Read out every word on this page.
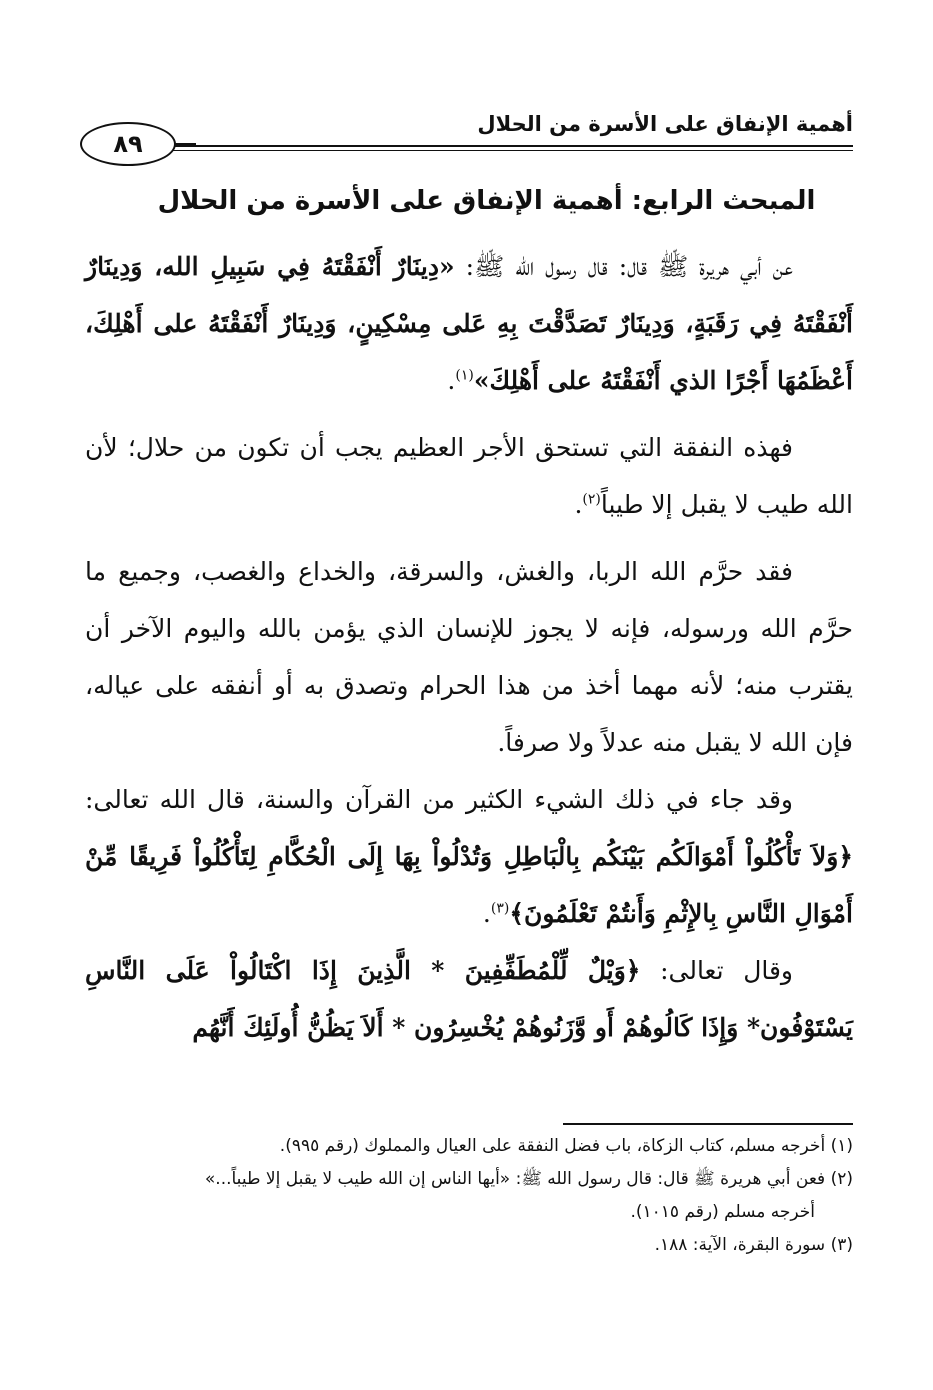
أهمية الإنفاق على الأسرة من الحلال
٨٩
المبحث الرابع: أهمية الإنفاق على الأسرة من الحلال

عن أبي هريرة ﷺ قال: قال رسول الله ﷺ: «دِينَارٌ أَنْفَقْتَهُ فِي سَبِيلِ الله، وَدِينَارٌ أَنْفَقْتَهُ فِي رَقَبَةٍ، وَدِينَارٌ تَصَدَّقْتَ بِهِ عَلى مِسْكِينٍ، وَدِينَارٌ أَنْفَقْتَهُ على أَهْلِكَ، أَعْظَمُهَا أَجْرًا الذي أَنْفَقْتَهُ على أَهْلِكَ»$^{(١)}$.

فهذه النفقة التي تستحق الأجر العظيم يجب أن تكون من حلال؛ لأن الله طيب لا يقبل إلا طيباً$^{(٢)}$.

فقد حرَّم الله الربا، والغش، والسرقة، والخداع والغصب، وجميع ما حرَّم الله ورسوله، فإنه لا يجوز للإنسان الذي يؤمن بالله واليوم الآخر أن يقترب منه؛ لأنه مهما أخذ من هذا الحرام وتصدق به أو أنفقه على عياله، فإن الله لا يقبل منه عدلاً ولا صرفاً.

وقد جاء في ذلك الشيء الكثير من القرآن والسنة، قال الله تعالى: ﴿وَلاَ تَأْكُلُواْ أَمْوَالَكُم بَيْنَكُم بِالْبَاطِلِ وَتُدْلُواْ بِهَا إِلَى الْحُكَّامِ لِتَأْكُلُواْ فَرِيقًا مِّنْ أَمْوَالِ النَّاسِ بِالإِثْمِ وَأَنتُمْ تَعْلَمُونَ﴾$^{(٣)}$.

وقال تعالى: ﴿وَيْلٌ لِّلْمُطَفِّفِينَ * الَّذِينَ إِذَا اكْتَالُواْ عَلَى النَّاسِ يَسْتَوْفُون* وَإِذَا كَالُوهُمْ أَو وَّزَنُوهُمْ يُخْسِرُون * أَلاَ يَظُنُّ أُولَئِكَ أَنَّهُم

(١) أخرجه مسلم، كتاب الزكاة، باب فضل النفقة على العيال والمملوك (رقم ٩٩٥).

(٢) فعن أبي هريرة ﷺ قال: قال رسول الله ﷺ: «أيها الناس إن الله طيب لا يقبل إلا طيباً...»

أخرجه مسلم (رقم ١٠١٥).

(٣) سورة البقرة، الآية: ١٨٨.
